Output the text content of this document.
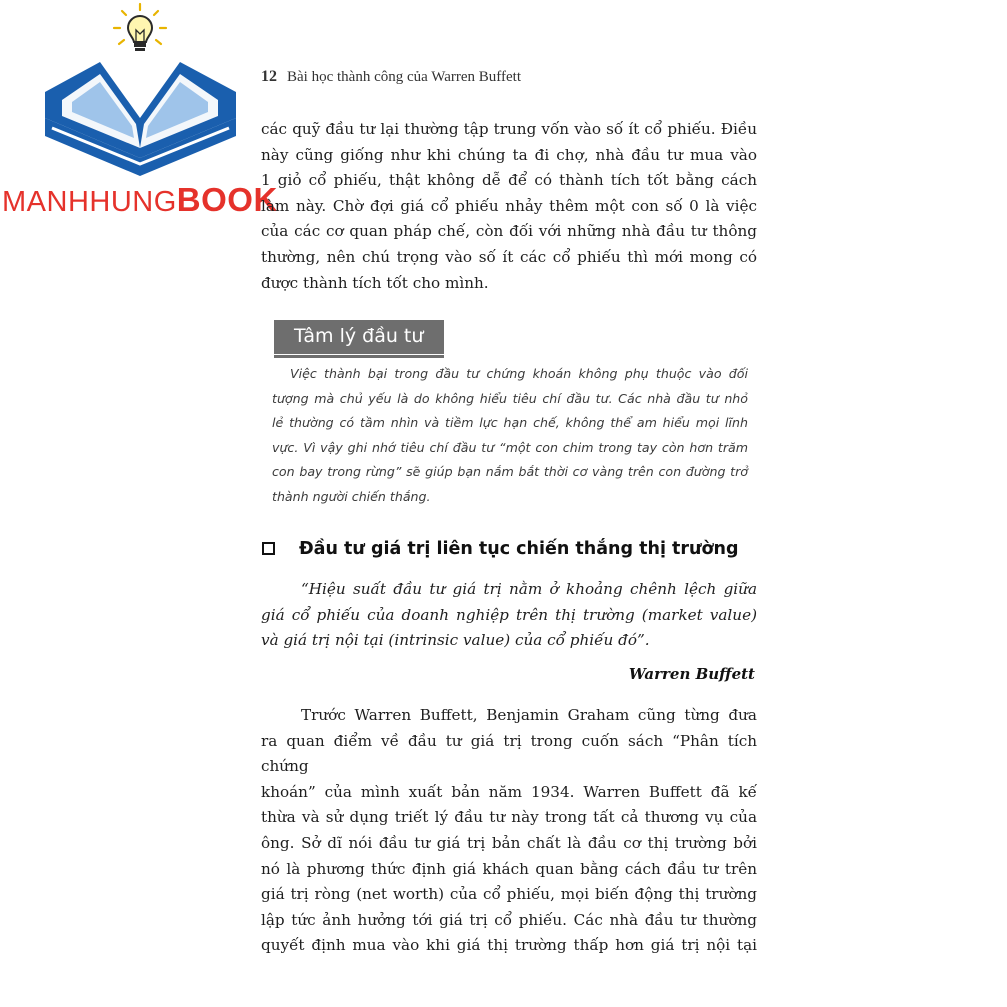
MANHHUNGBOOK
12 Bài học thành công của Warren Buffett

các quỹ đầu tư lại thường tập trung vốn vào số ít cổ phiếu. Điều

này cũng giống như khi chúng ta đi chợ, nhà đầu tư mua vào

1 giỏ cổ phiếu, thật không dễ để có thành tích tốt bằng cách

làm này. Chờ đợi giá cổ phiếu nhảy thêm một con số 0 là việc

của các cơ quan pháp chế, còn đối với những nhà đầu tư thông

thường, nên chú trọng vào số ít các cổ phiếu thì mới mong có

được thành tích tốt cho mình.

Tâm lý đầu tư

Việc thành bại trong đầu tư chứng khoán không phụ thuộc vào đối

tượng mà chủ yếu là do không hiểu tiêu chí đầu tư. Các nhà đầu tư nhỏ

lẻ thường có tầm nhìn và tiềm lực hạn chế, không thể am hiểu mọi lĩnh

vực. Vì vậy ghi nhớ tiêu chí đầu tư “một con chim trong tay còn hơn trăm

con bay trong rừng” sẽ giúp bạn nắm bắt thời cơ vàng trên con đường trở

thành người chiến thắng.

Đầu tư giá trị liên tục chiến thắng thị trường

“Hiệu suất đầu tư giá trị nằm ở khoảng chênh lệch giữa

giá cổ phiếu của doanh nghiệp trên thị trường (market value)

và giá trị nội tại (intrinsic value) của cổ phiếu đó”.

Warren Buffett

Trước Warren Buffett, Benjamin Graham cũng từng đưa

ra quan điểm về đầu tư giá trị trong cuốn sách “Phân tích chứng

khoán” của mình xuất bản năm 1934. Warren Buffett đã kế

thừa và sử dụng triết lý đầu tư này trong tất cả thương vụ của

ông. Sở dĩ nói đầu tư giá trị bản chất là đầu cơ thị trường bởi

nó là phương thức định giá khách quan bằng cách đầu tư trên

giá trị ròng (net worth) của cổ phiếu, mọi biến động thị trường

lập tức ảnh hưởng tới giá trị cổ phiếu. Các nhà đầu tư thường

quyết định mua vào khi giá thị trường thấp hơn giá trị nội tại
